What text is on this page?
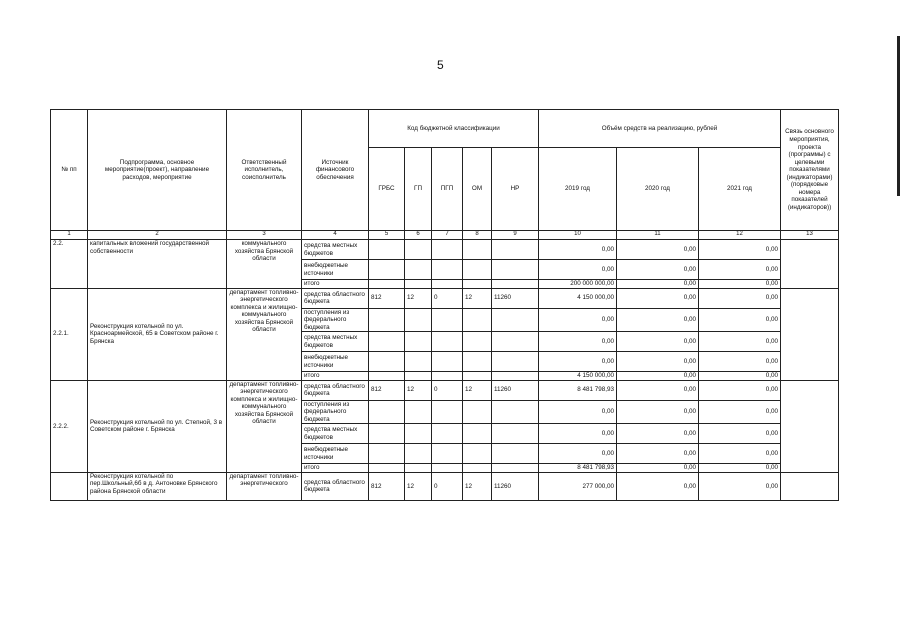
5
№ пп	Подпрограмма, основное мероприятие(проект), направление расходов, мероприятие	Ответственный исполнитель, соисполнитель	Источник финансового обеспечения	Код бюджетной классификации					Объём средств на реализацию, рублей			Связь основного мероприятия, проекта (программы) с целевыми показателями (индикаторами) (порядковые номера показателей (индикаторов))
				ГРБС	ГП	ПГП	ОМ	НР	2019 год	2020 год	2021 год	
1	2	3	4	5	6	7	8	9	10	11	12	13
2.2.	капитальных вложений государственной собственности	коммунального хозяйства Брянской области	средства местных бюджетов						0,00	0,00	0,00	
			внебюджетные источники						0,00	0,00	0,00	
			итого						200 000 000,00	0,00	0,00	
2.2.1.	Реконструкция котельной по ул. Красноармейской, 65 в Советском районе г. Брянска	департамент топливно-энергетического комплекса и жилищно-коммунального хозяйства Брянской области	средства областного бюджета	812	12	0	12	11260	4 150 000,00	0,00	0,00	
			поступления из федерального бюджета						0,00	0,00	0,00	
			средства местных бюджетов						0,00	0,00	0,00	
			внебюджетные источники						0,00	0,00	0,00	
			итого						4 150 000,00	0,00	0,00	
2.2.2.	Реконструкция котельной по ул. Степной, 3 в Советском районе г. Брянска	департамент топливно-энергетического комплекса и жилищно-коммунального хозяйства Брянской области	средства областного бюджета	812	12	0	12	11260	8 481 798,93	0,00	0,00	
			поступления из федерального бюджета						0,00	0,00	0,00	
			средства местных бюджетов						0,00	0,00	0,00	
			внебюджетные источники						0,00	0,00	0,00	
			итого						8 481 798,93	0,00	0,00	
	Реконструкция котельной по пер.Школьный,6б в д. Антоновке Брянского района Брянской области	департамент топливно-энергетического	средства областного бюджета	812	12	0	12	11260	277 000,00	0,00	0,00	
